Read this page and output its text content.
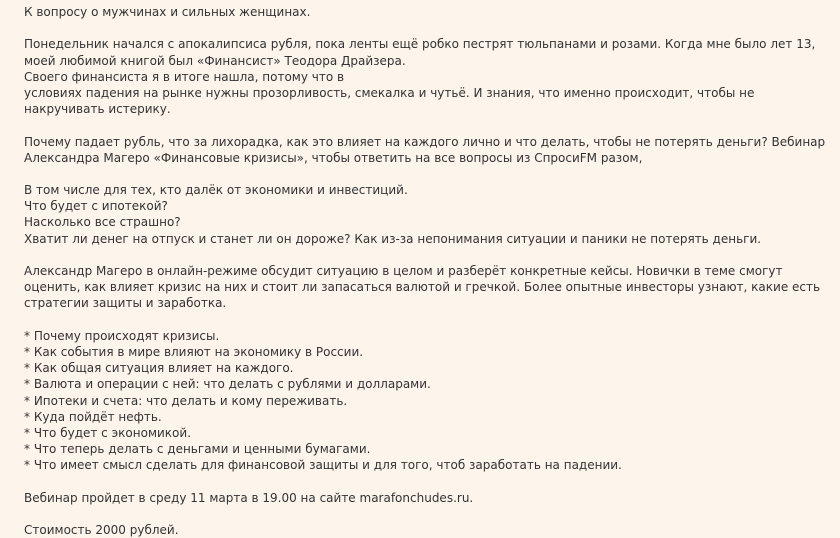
К вопросу о мужчинах и сильных женщинах.
Понедельник начался с апокалипсиса рубля, пока ленты ещё робко пестрят тюльпанами и розами. Когда мне было лет 13,
моей любимой книгой был «Финансист» Теодора Драйзера.
Своего финансиста я в итоге нашла, потому что в
условиях падения на рынке нужны прозорливость, смекалка и чутьё. И знания, что именно происходит, чтобы не
накручивать истерику.
Почему падает рубль, что за лихорадка, как это влияет на каждого лично и что делать, чтобы не потерять деньги? Вебинар
Александра Магеро «Финансовые кризисы», чтобы ответить на все вопросы из СпросиFM разом,
В том числе для тех, кто далёк от экономики и инвестиций.
Что будет с ипотекой?
Насколько все страшно?
Хватит ли денег на отпуск и станет ли он дороже? Как из-за непонимания ситуации и паники не потерять деньги.
Александр Магеро в онлайн-режиме обсудит ситуацию в целом и разберёт конкретные кейсы. Новички в теме смогут
оценить, как влияет кризис на них и стоит ли запасаться валютой и гречкой. Более опытные инвесторы узнают, какие есть
стратегии защиты и заработка.
* Почему происходят кризисы.
* Как события в мире влияют на экономику в России.
* Как общая ситуация влияет на каждого.
* Валюта и операции с ней: что делать с рублями и долларами.
* Ипотеки и счета: что делать и кому переживать.
* Куда пойдёт нефть.
* Что будет с экономикой.
* Что теперь делать с деньгами и ценными бумагами.
* Что имеет смысл сделать для финансовой защиты и для того, чтоб заработать на падении.
Вебинар пройдет в среду 11 марта в 19.00 на сайте marafonchudes.ru.
Стоимость 2000 рублей.
